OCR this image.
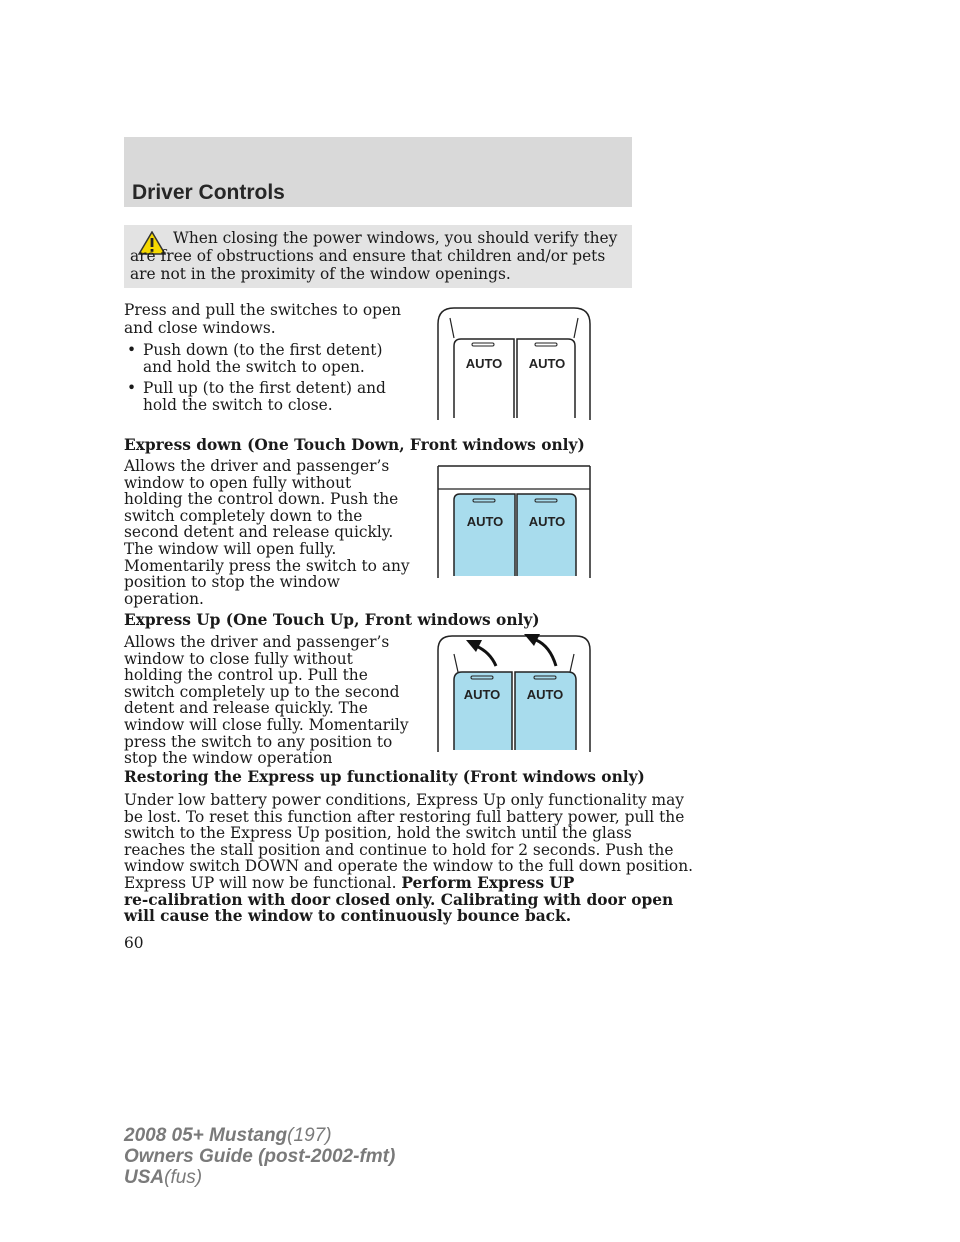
Driver Controls

When closing the power windows, you should verify they are free of obstructions and ensure that children and/or pets are not in the proximity of the window openings.

Press and pull the switches to open

and close windows.

• Push down (to the first detent)
and hold the switch to open.
• Pull up (to the first detent) and
hold the switch to close.
AUTO AUTO

Express down (One Touch Down, Front windows only)

Allows the driver and passenger’s
window to open fully without
holding the control down. Push the
switch completely down to the
second detent and release quickly.
The window will open fully.
Momentarily press the switch to any
position to stop the window
operation.
AUTO AUTO

Express Up (One Touch Up, Front windows only)

Allows the driver and passenger’s
window to close fully without
holding the control up. Pull the
switch completely up to the second
detent and release quickly. The
window will close fully. Momentarily
press the switch to any position to
stop the window operation
AUTO AUTO

Restoring the Express up functionality (Front windows only)

Under low battery power conditions, Express Up only functionality may
be lost. To reset this function after restoring full battery power, pull the
switch to the Express Up position, hold the switch until the glass
reaches the stall position and continue to hold for 2 seconds. Push the
window switch DOWN and operate the window to the full down position.
Express UP will now be functional. Perform Express UP
re-calibration with door closed only. Calibrating with door open
will cause the window to continuously bounce back.
60
2008 05+ Mustang(197)
Owners Guide (post-2002-fmt)
USA(fus)
